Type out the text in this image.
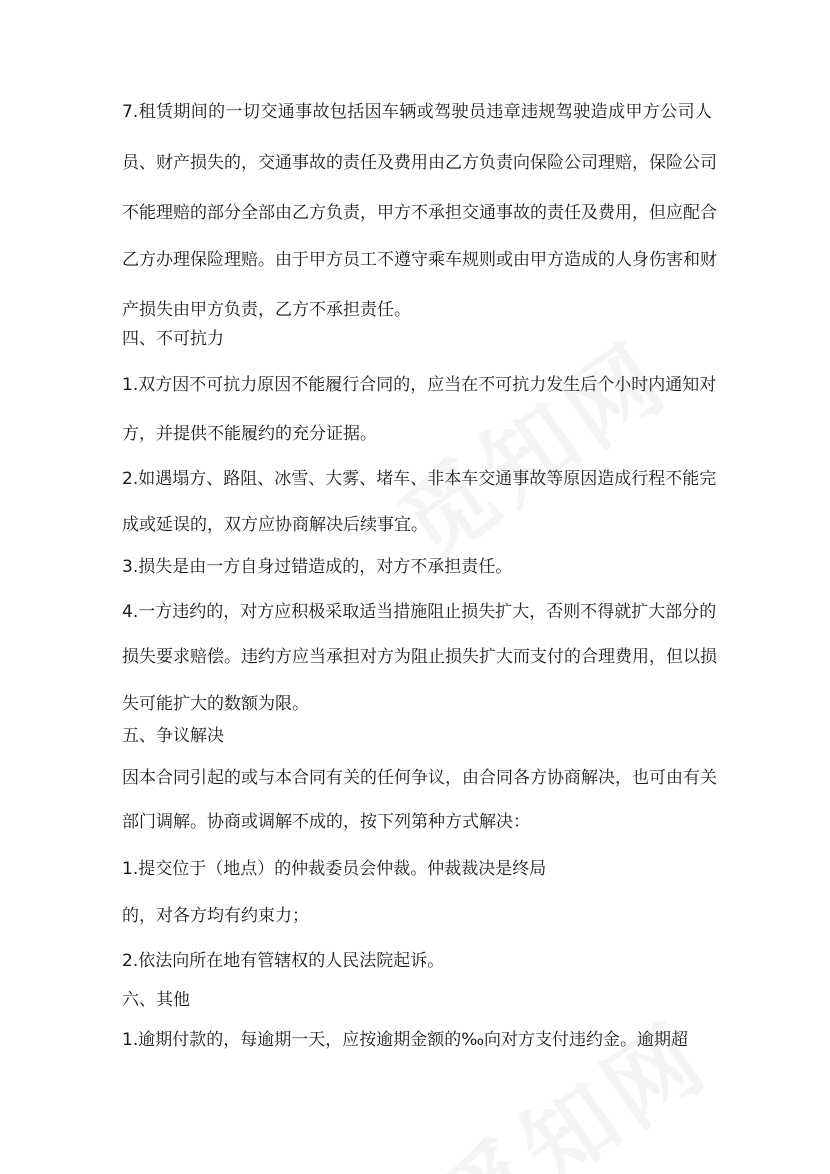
7.租赁期间的一切交通事故包括因车辆或驾驶员违章违规驾驶造成甲方公司人
员、财产损失的，交通事故的责任及费用由乙方负责向保险公司理赔，保险公司
不能理赔的部分全部由乙方负责，甲方不承担交通事故的责任及费用，但应配合
乙方办理保险理赔。由于甲方员工不遵守乘车规则或由甲方造成的人身伤害和财
产损失由甲方负责，乙方不承担责任。
四、不可抗力
1.双方因不可抗力原因不能履行合同的，应当在不可抗力发生后个小时内通知对
方，并提供不能履约的充分证据。
2.如遇塌方、路阻、冰雪、大雾、堵车、非本车交通事故等原因造成行程不能完
成或延误的，双方应协商解决后续事宜。
3.损失是由一方自身过错造成的，对方不承担责任。
4.一方违约的，对方应积极采取适当措施阻止损失扩大，否则不得就扩大部分的
损失要求赔偿。违约方应当承担对方为阻止损失扩大而支付的合理费用，但以损
失可能扩大的数额为限。
五、争议解决
因本合同引起的或与本合同有关的任何争议，由合同各方协商解决，也可由有关
部门调解。协商或调解不成的，按下列第种方式解决：
1.提交位于（地点）的仲裁委员会仲裁。仲裁裁决是终局
的，对各方均有约束力；
2.依法向所在地有管辖权的人民法院起诉。
六、其他
1.逾期付款的，每逾期一天，应按逾期金额的‰向对方支付违约金。逾期超
